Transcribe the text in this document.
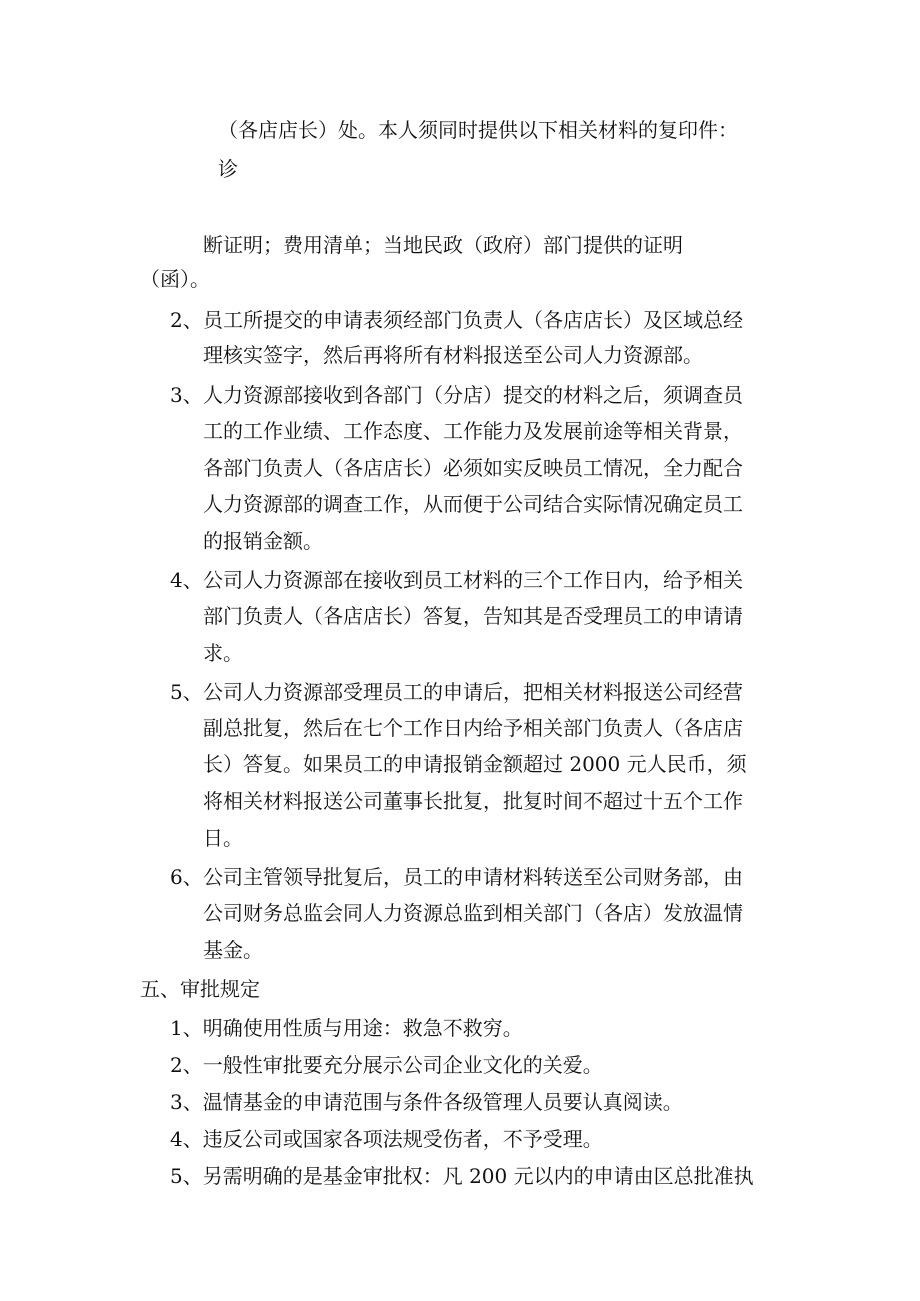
（各店店长）处。本人须同时提供以下相关材料的复印件：
诊
断证明；费用清单；当地民政（政府）部门提供的证明
（函）。
2、 员工所提交的申请表须经部门负责人（各店店长）及区域总经
理核实签字，然后再将所有材料报送至公司人力资源部。
3、 人力资源部接收到各部门（分店）提交的材料之后，须调查员
工的工作业绩、工作态度、工作能力及发展前途等相关背景，
各部门负责人（各店店长）必须如实反映员工情况，全力配合
人力资源部的调查工作，从而便于公司结合实际情况确定员工
的报销金额。
4、 公司人力资源部在接收到员工材料的三个工作日内，给予相关
部门负责人（各店店长）答复，告知其是否受理员工的申请请
求。
5、 公司人力资源部受理员工的申请后，把相关材料报送公司经营
副总批复，然后在七个工作日内给予相关部门负责人（各店店
长）答复。如果员工的申请报销金额超过 2000 元人民币，须
将相关材料报送公司董事长批复，批复时间不超过十五个工作
日。
6、 公司主管领导批复后，员工的申请材料转送至公司财务部，由
公司财务总监会同人力资源总监到相关部门（各店）发放温情
基金。
五、审批规定
1、明确使用性质与用途：救急不救穷。
2、一般性审批要充分展示公司企业文化的关爱。
3、温情基金的申请范围与条件各级管理人员要认真阅读。
4、违反公司或国家各项法规受伤者，不予受理。
5、另需明确的是基金审批权：凡 200 元以内的申请由区总批准执
